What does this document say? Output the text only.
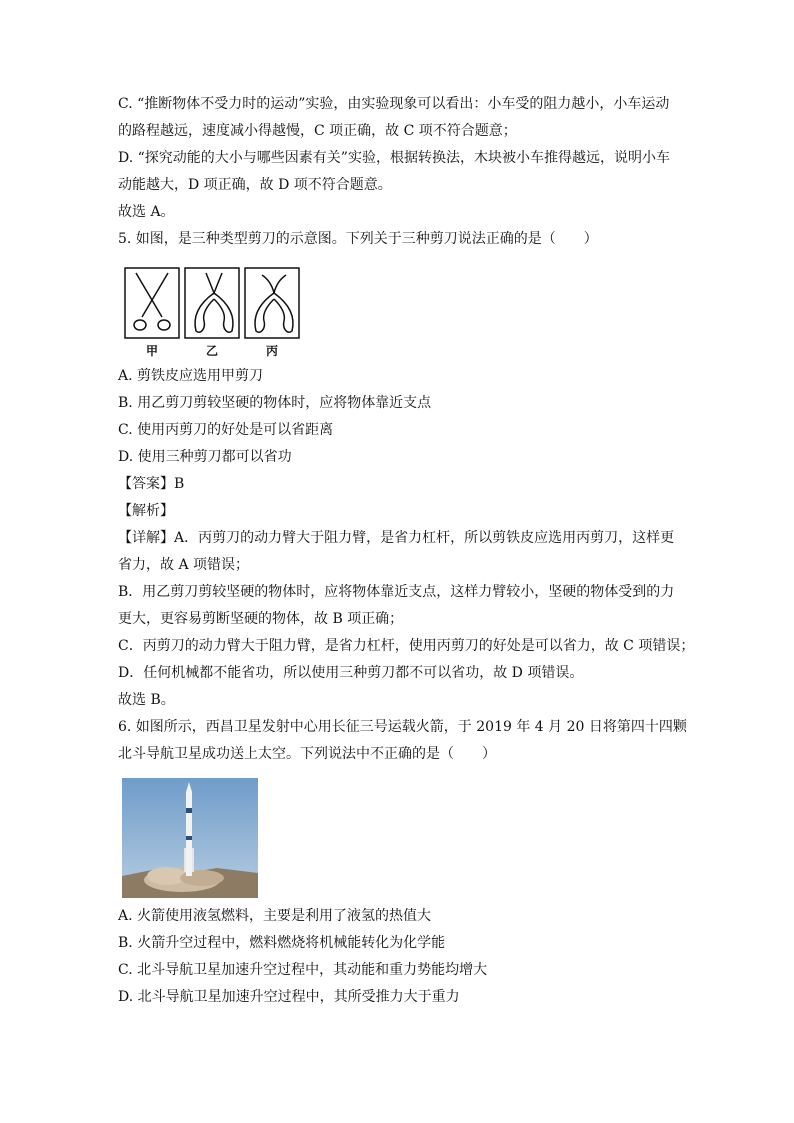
C. “推断物体不受力时的运动”实验，由实验现象可以看出：小车受的阻力越小，小车运动
的路程越远，速度减小得越慢，C 项正确，故 C 项不符合题意；
D. “探究动能的大小与哪些因素有关”实验，根据转换法，木块被小车推得越远，说明小车
动能越大，D 项正确，故 D 项不符合题意。
故选 A。
5. 如图，是三种类型剪刀的示意图。下列关于三种剪刀说法正确的是（　　）
甲	乙	丙
A. 剪铁皮应选用甲剪刀
B. 用乙剪刀剪较坚硬的物体时，应将物体靠近支点
C. 使用丙剪刀的好处是可以省距离
D. 使用三种剪刀都可以省功
【答案】B
【解析】
【详解】A．丙剪刀的动力臂大于阻力臂，是省力杠杆，所以剪铁皮应选用丙剪刀，这样更
省力，故 A 项错误；
B．用乙剪刀剪较坚硬的物体时，应将物体靠近支点，这样力臂较小，坚硬的物体受到的力
更大，更容易剪断坚硬的物体，故 B 项正确；
C．丙剪刀的动力臂大于阻力臂，是省力杠杆，使用丙剪刀的好处是可以省力，故 C 项错误；
D．任何机械都不能省功，所以使用三种剪刀都不可以省功，故 D 项错误。
故选 B。
6. 如图所示，西昌卫星发射中心用长征三号运载火箭，于 2019 年 4 月 20 日将第四十四颗
北斗导航卫星成功送上太空。下列说法中不正确的是（　　）
A. 火箭使用液氢燃料，主要是利用了液氢的热值大
B. 火箭升空过程中，燃料燃烧将机械能转化为化学能
C. 北斗导航卫星加速升空过程中，其动能和重力势能均增大
D. 北斗导航卫星加速升空过程中，其所受推力大于重力
